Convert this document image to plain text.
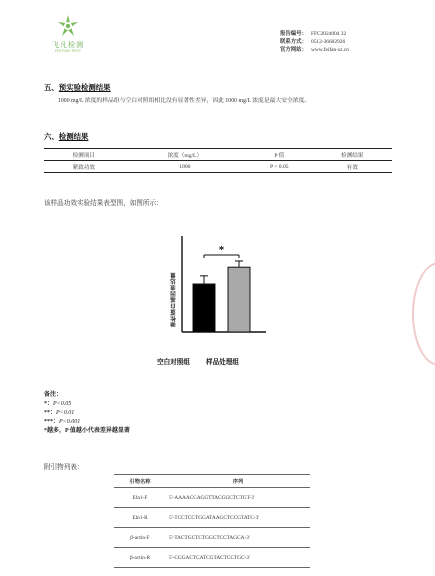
飞凡检测
FEI FAN TEST
报告编号： FFC2024004 32
联系方式： 0512-36602926
官方网站： www.feifan-sz.cn
五、预实验检测结果
1000 mg/L 浓度的样品组与空白对照组相比没有显著性差异，因此 1000 mg/L 浓度是最大安全浓度。
六、检测结果
检测项目	浓度（mg/L）	P 值	检测结果
紧致功效	1000	P < 0.05	有效
该样品功效实验结果表型图，如图所示：
弹性蛋白基因表达量
*
空白对照组 样品处理组
备注：
*：P<0.05
**：P<0.01
***：P<0.001
*越多，P 值越小代表差异越显著
附引物列表：
引物名称	序列
Eln1-F	5'-AAAACCAGGTTACGGCTCTGT-3'
Eln1-R	5'-TCCTCCTGGATAAGCTCCGTATC-3'
β-actin-F	5'-TACTGCTCTGGCTCCTAGCA-3'
β-actin-R	5'-CGGACTCATCGTACTCCTGC-3'
